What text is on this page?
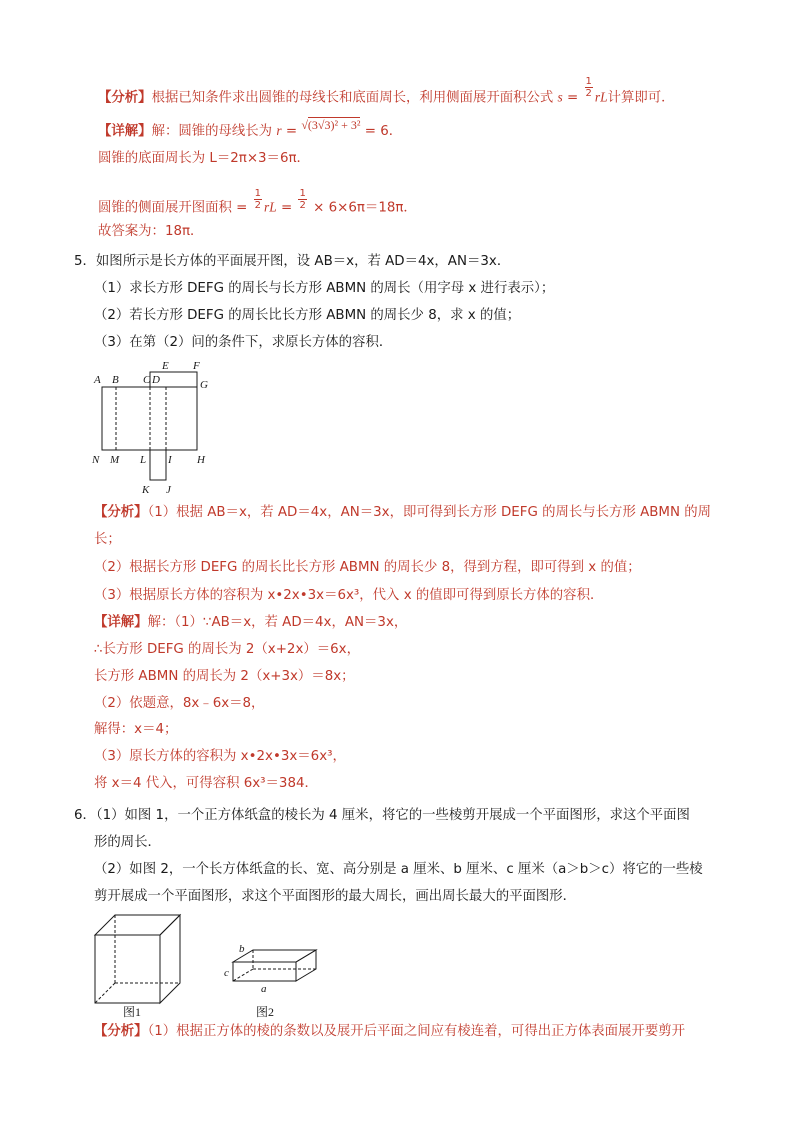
【分析】根据已知条件求出圆锥的母线长和底面周长，利用侧面展开面积公式 $s = \frac{1}{2}$ rL计算即可．
【详解】解：圆锥的母线长为 r = √(3√3)² + 3² = 6．
圆锥的底面周长为 L＝2π×3＝6π．
圆锥的侧面展开图面积 = $\frac{1}{2}$ rL = $\frac{1}{2} \times 6\times 6\pi=18\pi$．
故答案为：18π．
5．如图所示是长方体的平面展开图，设 AB＝x，若 AD＝4x，AN＝3x．
（1）求长方形 DEFG 的周长与长方形 ABMN 的周长（用字母 x 进行表示）；
（2）若长方形 DEFG 的周长比长方形 ABMN 的周长少 8，求 x 的值；
（3）在第（2）问的条件下，求原长方体的容积．
A B C D
E F
G
N M L I H
K J
【分析】（1）根据 AB＝x，若 AD＝4x，AN＝3x，即可得到长方形 DEFG 的周长与长方形 ABMN 的周
长；
（2）根据长方形 DEFG 的周长比长方形 ABMN 的周长少 8，得到方程，即可得到 x 的值；
（3）根据原长方体的容积为 x•2x•3x＝6x³，代入 x 的值即可得到原长方体的容积．
【详解】解：（1）∵AB＝x，若 AD＝4x，AN＝3x，
∴长方形 DEFG 的周长为 2（x+2x）＝6x，
长方形 ABMN 的周长为 2（x+3x）＝8x；
（2）依题意，8x﹣6x＝8，
解得：x＝4；
（3）原长方体的容积为 x•2x•3x＝6x³，
将 x＝4 代入，可得容积 6x³＝384．
6．（1）如图 1，一个正方体纸盒的棱长为 4 厘米，将它的一些棱剪开展成一个平面图形，求这个平面图
形的周长．
（2）如图 2，一个长方体纸盒的长、宽、高分别是 a 厘米、b 厘米、c 厘米（a＞b＞c）将它的一些棱
剪开展成一个平面图形，求这个平面图形的最大周长，画出周长最大的平面图形．
图1
b
c
a
图2
【分析】（1）根据正方体的棱的条数以及展开后平面之间应有棱连着，可得出正方体表面展开要剪开
